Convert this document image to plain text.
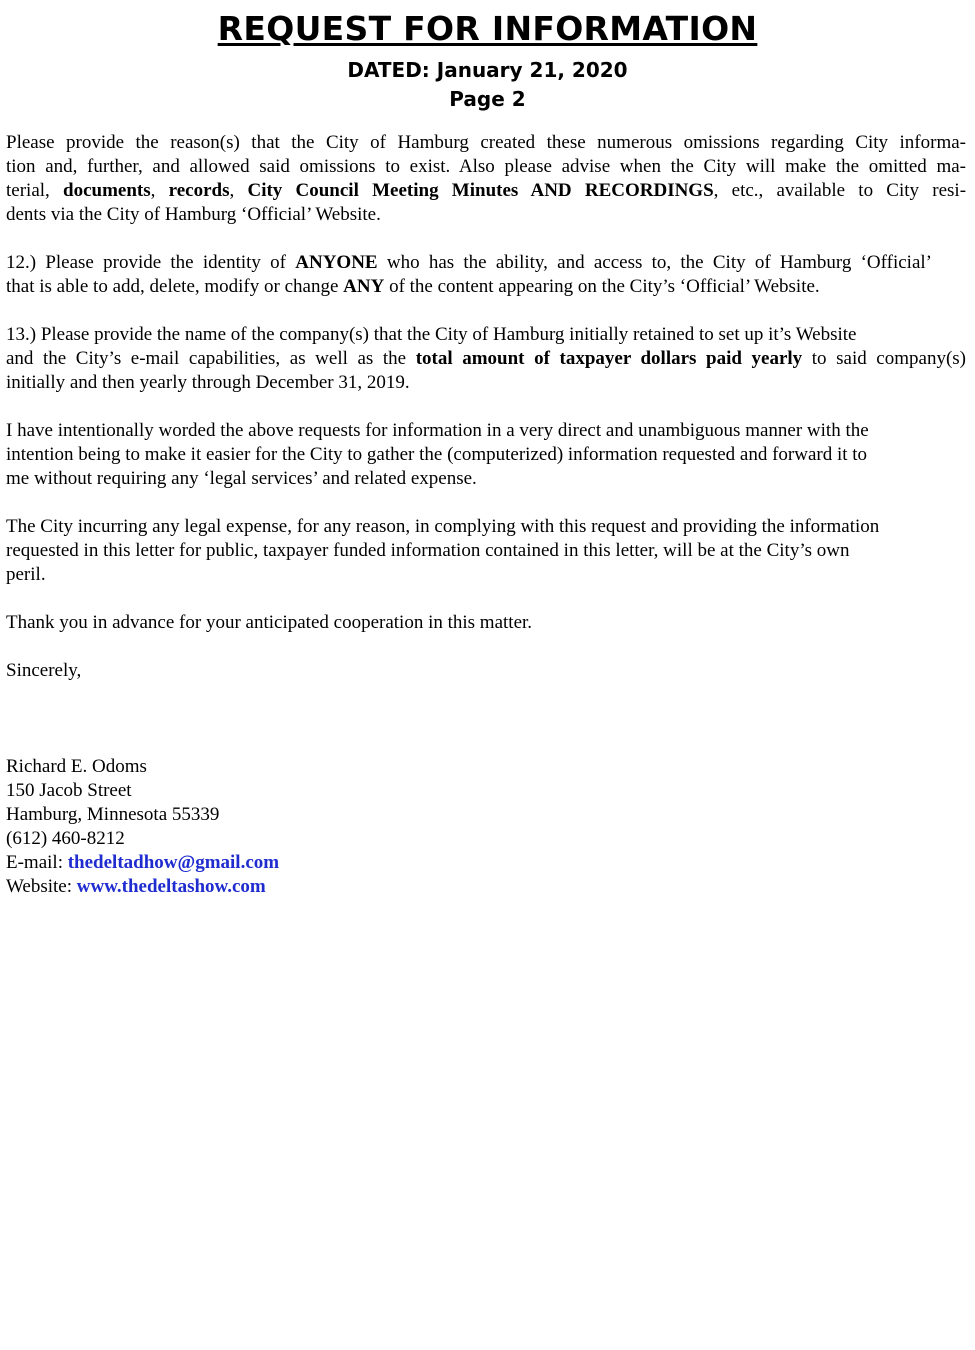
REQUEST FOR INFORMATION
DATED: January 21, 2020
Page 2
Please provide the reason(s) that the City of Hamburg created these numerous omissions regarding City informa-
tion and, further, and allowed said omissions to exist. Also please advise when the City will make the omitted ma-
terial, documents, records, City Council Meeting Minutes AND RECORDINGS, etc., available to City resi-
dents via the City of Hamburg ‘Official’ Website.
12.) Please provide the identity of ANYONE who has the ability, and access to, the City of Hamburg ‘Official’
that is able to add, delete, modify or change ANY of the content appearing on the City’s ‘Official’ Website.
13.) Please provide the name of the company(s) that the City of Hamburg initially retained to set up it’s Website
and the City’s e-mail capabilities, as well as the total amount of taxpayer dollars paid yearly to said company(s)
initially and then yearly through December 31, 2019.
I have intentionally worded the above requests for information in a very direct and unambiguous manner with the
intention being to make it easier for the City to gather the (computerized) information requested and forward it to
me without requiring any ‘legal services’ and related expense.
The City incurring any legal expense, for any reason, in complying with this request and providing the information
requested in this letter for public, taxpayer funded information contained in this letter, will be at the City’s own
peril.
Thank you in advance for your anticipated cooperation in this matter.
Sincerely,
Richard E. Odoms
150 Jacob Street
Hamburg, Minnesota 55339
(612) 460-8212
E-mail: thedeltadhow@gmail.com
Website: www.thedeltashow.com
